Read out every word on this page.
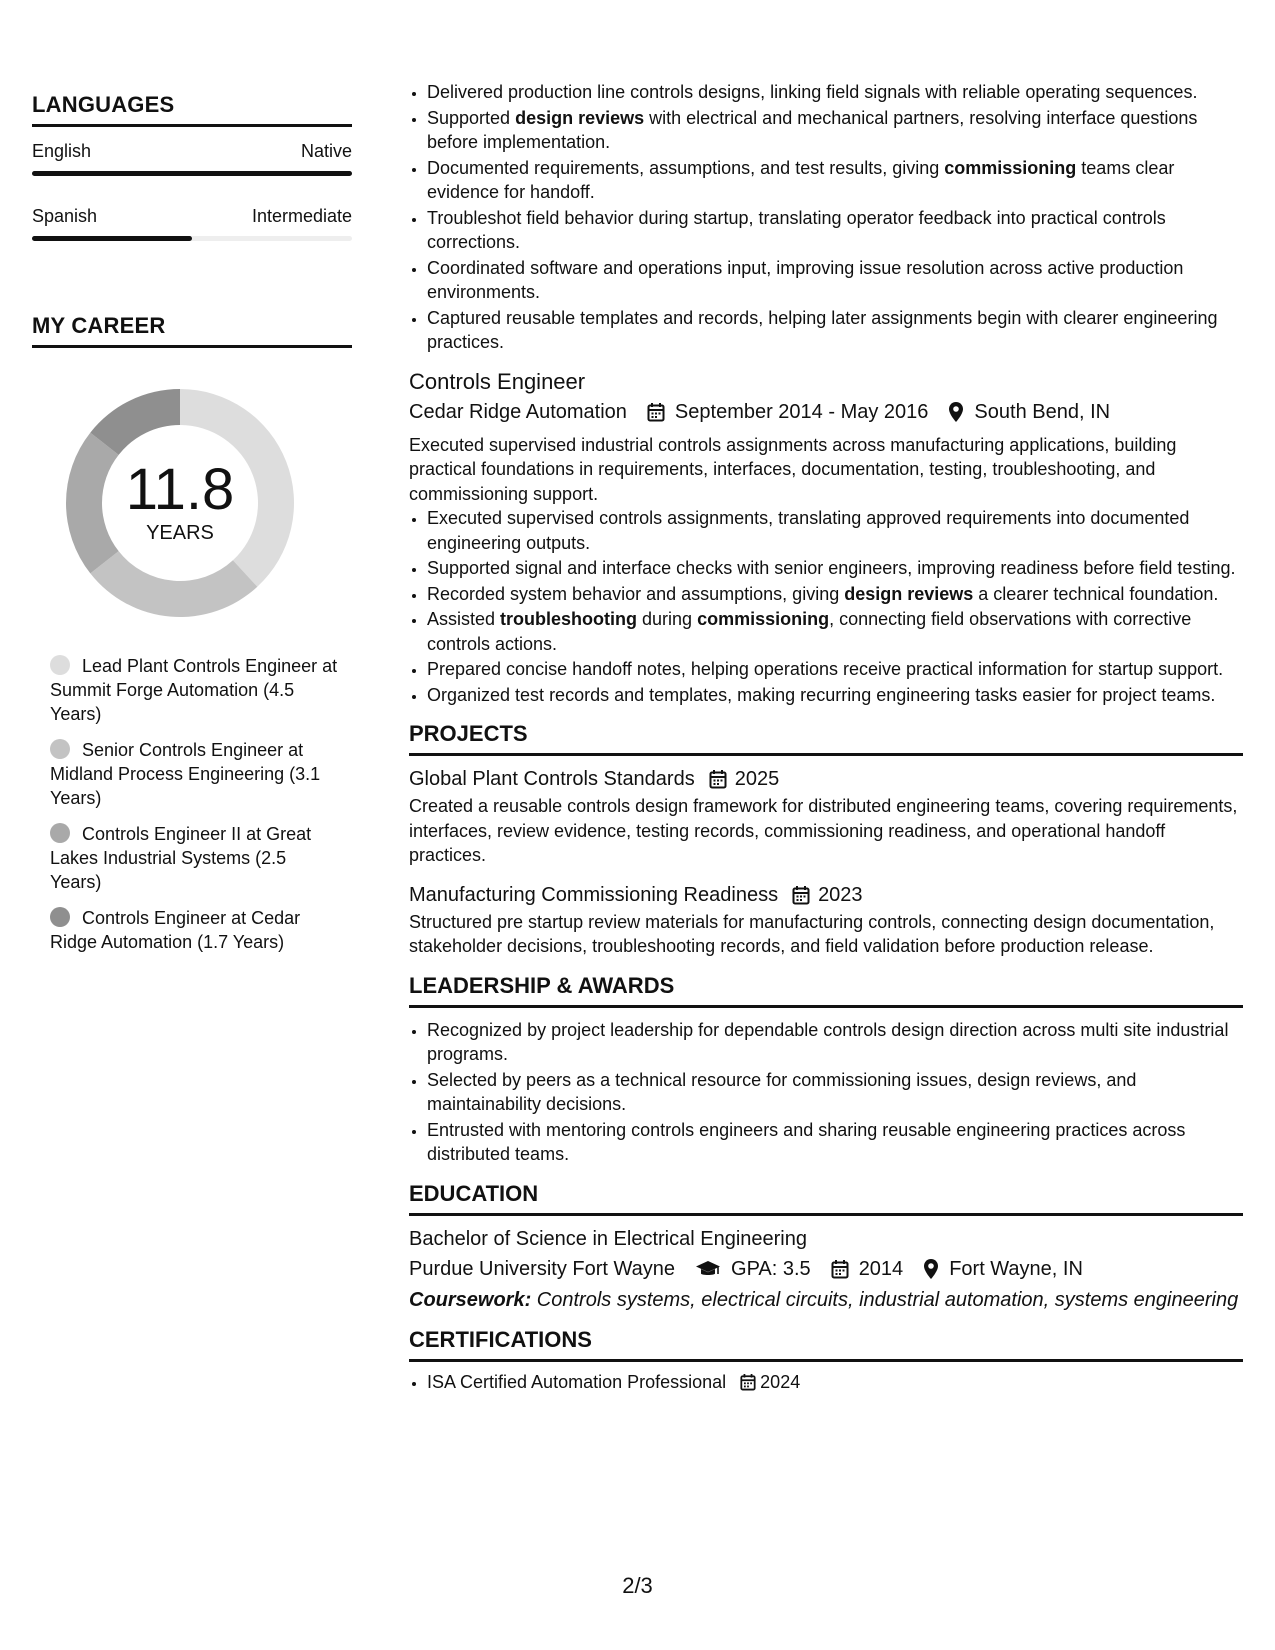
LANGUAGES
English	Native
Spanish	Intermediate
MY CAREER
11.8
YEARS
Lead Plant Controls Engineer at Summit Forge Automation (4.5 Years)
Senior Controls Engineer at Midland Process Engineering (3.1 Years)
Controls Engineer II at Great Lakes Industrial Systems (2.5 Years)
Controls Engineer at Cedar Ridge Automation (1.7 Years)
• Delivered production line controls designs, linking field signals with reliable operating sequences.
• Supported design reviews with electrical and mechanical partners, resolving interface questions before implementation.
• Documented requirements, assumptions, and test results, giving commissioning teams clear evidence for handoff.
• Troubleshot field behavior during startup, translating operator feedback into practical controls corrections.
• Coordinated software and operations input, improving issue resolution across active production environments.
• Captured reusable templates and records, helping later assignments begin with clearer engineering practices.
Controls Engineer
Cedar Ridge Automation September 2014 - May 2016 South Bend, IN
Executed supervised industrial controls assignments across manufacturing applications, building practical foundations in requirements, interfaces, documentation, testing, troubleshooting, and commissioning support.
• Executed supervised controls assignments, translating approved requirements into documented engineering outputs.
• Supported signal and interface checks with senior engineers, improving readiness before field testing.
• Recorded system behavior and assumptions, giving design reviews a clearer technical foundation.
• Assisted troubleshooting during commissioning, connecting field observations with corrective controls actions.
• Prepared concise handoff notes, helping operations receive practical information for startup support.
• Organized test records and templates, making recurring engineering tasks easier for project teams.
PROJECTS
Global Plant Controls Standards 2025
Created a reusable controls design framework for distributed engineering teams, covering requirements, interfaces, review evidence, testing records, commissioning readiness, and operational handoff practices.
Manufacturing Commissioning Readiness 2023
Structured pre startup review materials for manufacturing controls, connecting design documentation, stakeholder decisions, troubleshooting records, and field validation before production release.
LEADERSHIP & AWARDS
• Recognized by project leadership for dependable controls design direction across multi site industrial programs.
• Selected by peers as a technical resource for commissioning issues, design reviews, and maintainability decisions.
• Entrusted with mentoring controls engineers and sharing reusable engineering practices across distributed teams.
EDUCATION
Bachelor of Science in Electrical Engineering
Purdue University Fort Wayne	GPA: 3.5 2014 Fort Wayne, IN
Coursework: Controls systems, electrical circuits, industrial automation, systems engineering
CERTIFICATIONS
• ISA Certified Automation Professional 2024
2/3
